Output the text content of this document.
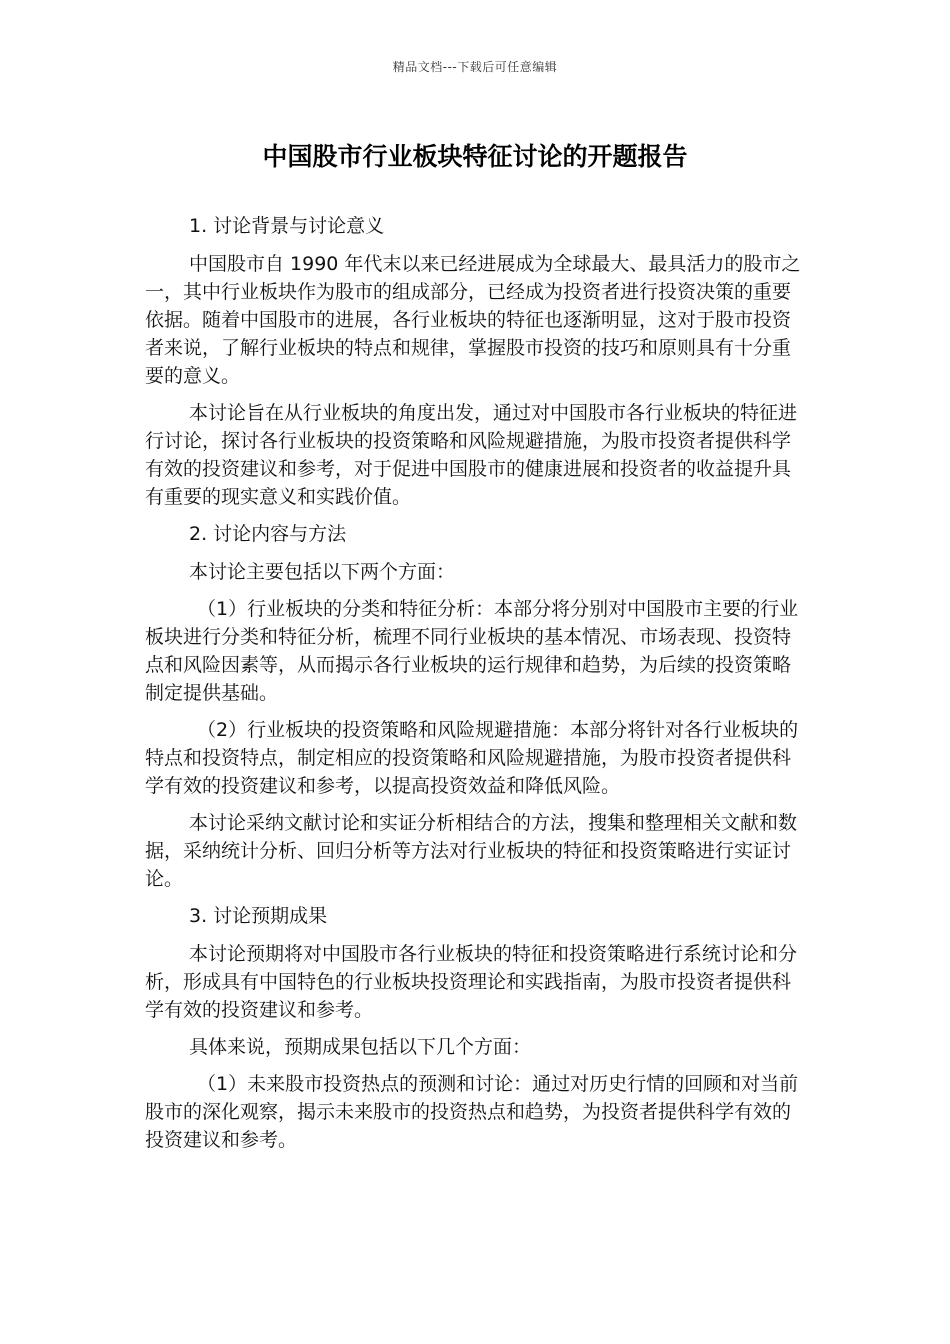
精品文档---下载后可任意编辑
中国股市行业板块特征讨论的开题报告

1. 讨论背景与讨论意义

中国股市自 1990 年代末以来已经进展成为全球最大、最具活力的股市之一，其中行业板块作为股市的组成部分，已经成为投资者进行投资决策的重要依据。随着中国股市的进展，各行业板块的特征也逐渐明显，这对于股市投资者来说，了解行业板块的特点和规律，掌握股市投资的技巧和原则具有十分重要的意义。

本讨论旨在从行业板块的角度出发，通过对中国股市各行业板块的特征进行讨论，探讨各行业板块的投资策略和风险规避措施，为股市投资者提供科学有效的投资建议和参考，对于促进中国股市的健康进展和投资者的收益提升具有重要的现实意义和实践价值。

2. 讨论内容与方法

本讨论主要包括以下两个方面：

（1）行业板块的分类和特征分析：本部分将分别对中国股市主要的行业板块进行分类和特征分析，梳理不同行业板块的基本情况、市场表现、投资特点和风险因素等，从而揭示各行业板块的运行规律和趋势，为后续的投资策略制定提供基础。

（2）行业板块的投资策略和风险规避措施：本部分将针对各行业板块的特点和投资特点，制定相应的投资策略和风险规避措施，为股市投资者提供科学有效的投资建议和参考，以提高投资效益和降低风险。

本讨论采纳文献讨论和实证分析相结合的方法，搜集和整理相关文献和数据，采纳统计分析、回归分析等方法对行业板块的特征和投资策略进行实证讨论。

3. 讨论预期成果

本讨论预期将对中国股市各行业板块的特征和投资策略进行系统讨论和分析，形成具有中国特色的行业板块投资理论和实践指南，为股市投资者提供科学有效的投资建议和参考。

具体来说，预期成果包括以下几个方面：

（1）未来股市投资热点的预测和讨论：通过对历史行情的回顾和对当前股市的深化观察，揭示未来股市的投资热点和趋势，为投资者提供科学有效的投资建议和参考。
